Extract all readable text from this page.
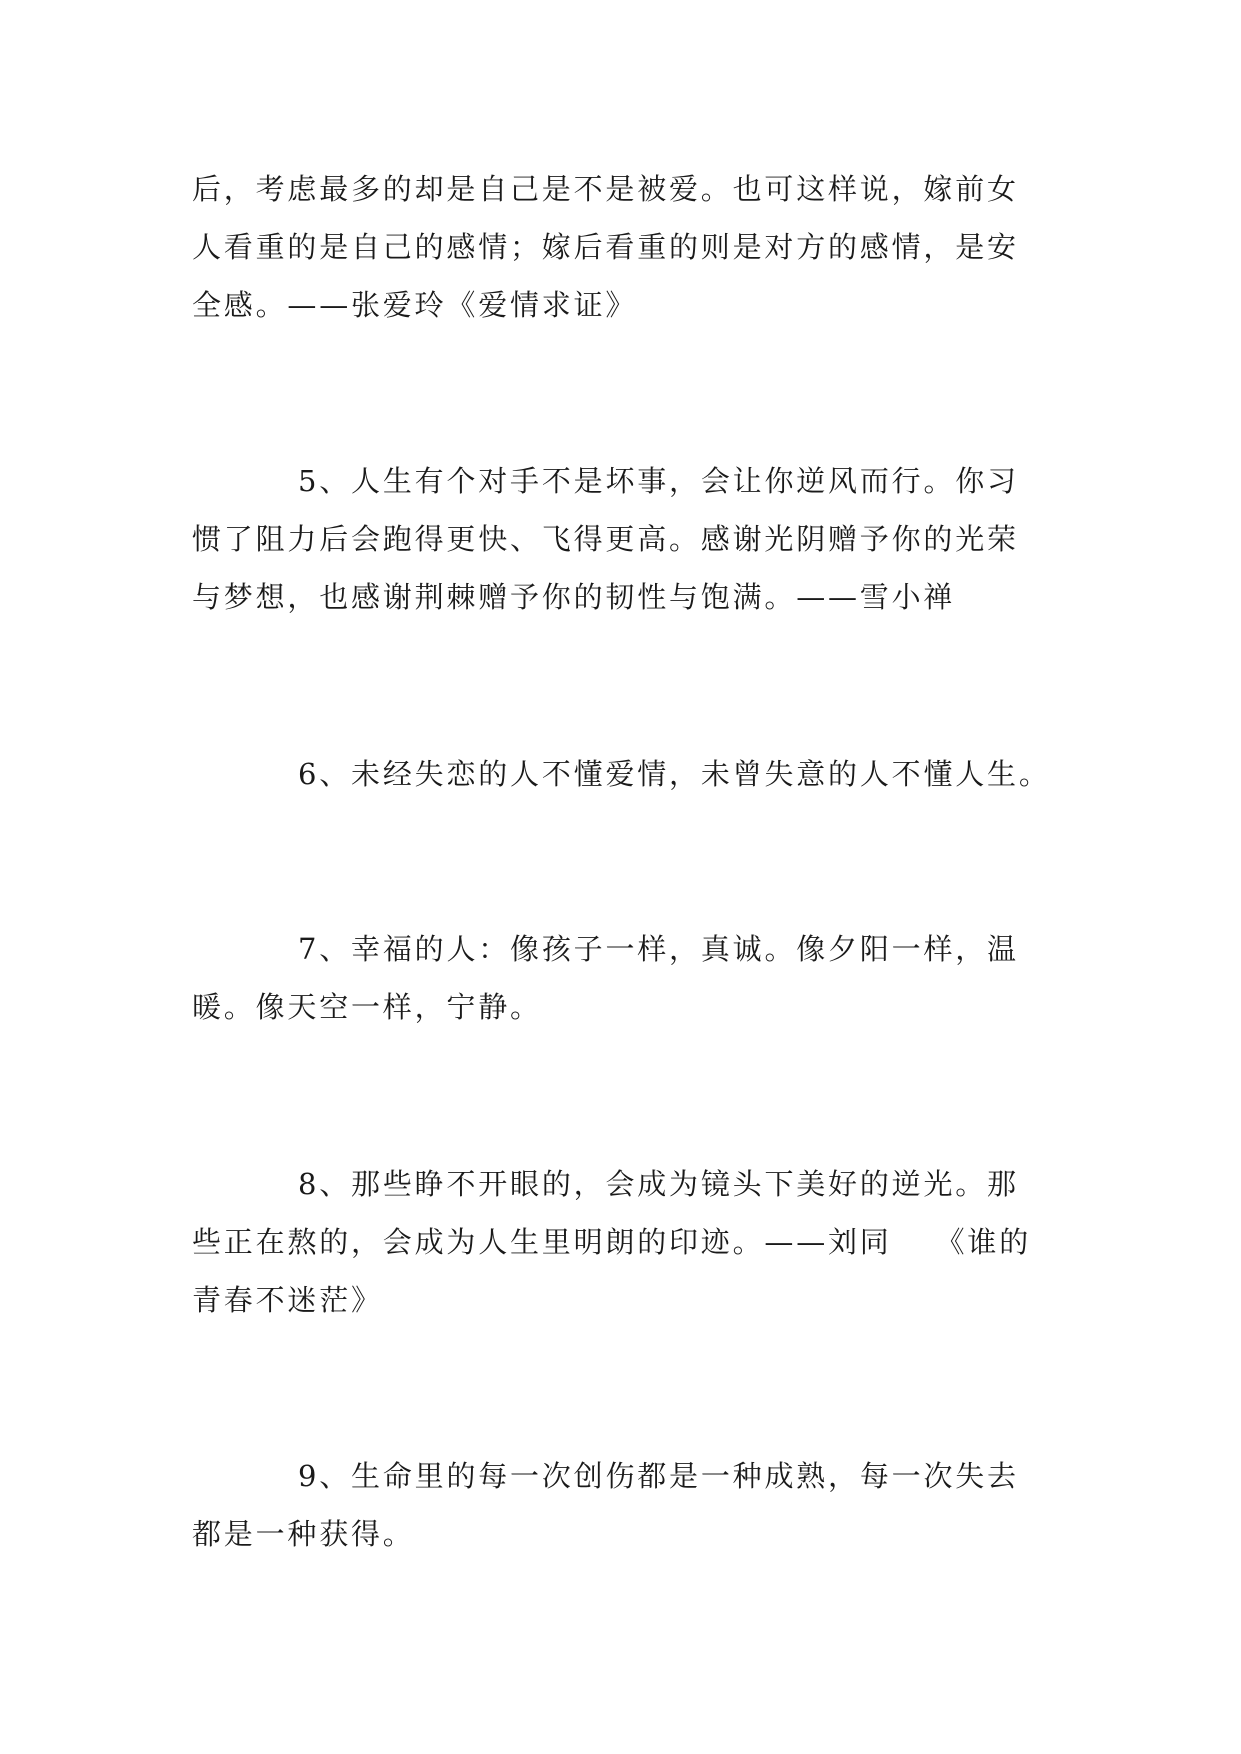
后，考虑最多的却是自己是不是被爱。也可这样说，嫁前女
人看重的是自己的感情；嫁后看重的则是对方的感情，是安
全感。——张爱玲《爱情求证》
5、人生有个对手不是坏事，会让你逆风而行。你习
惯了阻力后会跑得更快、飞得更高。感谢光阴赠予你的光荣
与梦想，也感谢荆棘赠予你的韧性与饱满。——雪小禅
6、未经失恋的人不懂爱情，未曾失意的人不懂人生。
7、幸福的人：像孩子一样，真诚。像夕阳一样，温
暖。像天空一样，宁静。
8、那些睁不开眼的，会成为镜头下美好的逆光。那
些正在熬的，会成为人生里明朗的印迹。——刘同 《谁的
青春不迷茫》
9、生命里的每一次创伤都是一种成熟，每一次失去
都是一种获得。
